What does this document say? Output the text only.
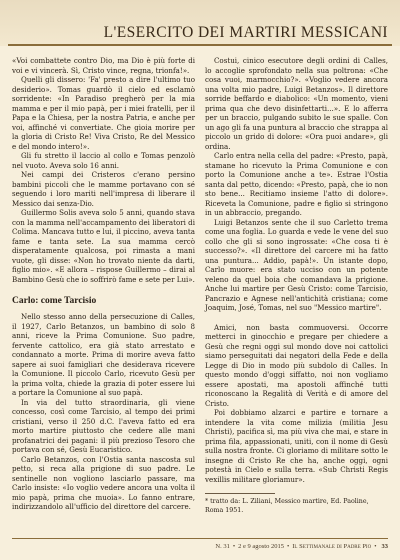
L'ESERCITO DEI MARTIRI MESSICANI

«Voi combattete contro Dio, ma Dio è più forte di voi e vi vincerà. Sì, Cristo vince, regna, trionfa!».

Quelli gli dissero: 'Fa' presto a dire l'ultimo tuo desiderio». Tomas guardò il cielo ed esclamò sorridente: «In Paradiso pregherò per la mia mamma e per il mio papà, per i miei fratelli, per il Papa e la Chiesa, per la nostra Patria, e anche per voi, affinché vi convertiate. Che gioia morire per la gloria di Cristo Re! Viva Cristo, Re del Messico e del mondo intero!».

Gli fu stretto il laccio al collo e Tomas penzolò nel vuoto. Aveva solo 16 anni.

Nei campi dei Cristeros c'erano persino bambini piccoli che le mamme portavano con sé seguendo i loro mariti nell'impresa di liberare il Messico dai senza-Dio.

Guillermo Solis aveva solo 5 anni, quando stava con la mamma nell'accampamento dei liberatori di Colima. Mancava tutto e lui, il piccino, aveva tanta fame e tanta sete. La sua mamma cercò disperatamente qualcosa, poi rimasta a mani vuote, gli disse: «Non ho trovato niente da darti, figlio mio». «E allora – rispose Guillermo – dirai al Bambino Gesù che io soffrirò fame e sete per Lui».

Carlo: come Tarcisio

Nello stesso anno della persecuzione di Calles, il 1927, Carlo Betanzos, un bambino di solo 8 anni, riceve la Prima Comunione. Suo padre, fervente cattolico, era già stato arrestato e condannato a morte. Prima di morire aveva fatto sapere ai suoi famigliari che desiderava ricevere la Comunione. Il piccolo Carlo, ricevuto Gesù per la prima volta, chiede la grazia di poter essere lui a portare la Comunione al suo papà.

In via del tutto straordinaria, gli viene concesso, così come Tarcisio, al tempo dei primi cristiani, verso il 250 d.C. l'aveva fatto ed era morto martire piuttosto che cedere alle mani profanatrici dei pagani: il più prezioso Tesoro che portava con sé, Gesù Eucaristico.

Carlo Betanzos, con l'Ostia santa nascosta sul petto, si reca alla prigione di suo padre. Le sentinelle non vogliono lasciarlo passare, ma Carlo insiste: «Io voglio vedere ancora una volta il mio papà, prima che muoia». Lo fanno entrare, indirizzandolo all'ufficio del direttore del carcere.

Costui, cinico esecutore degli ordini di Calles, lo accoglie sprofondato nella sua poltrona: «Che cosa vuoi, marmocchio?». «Voglio vedere ancora una volta mio padre, Luigi Betanzos». Il direttore sorride beffardo e diabolico: «Un momento, vieni prima qua che devo disinfettarti...». E lo afferra per un braccio, pulgando subito le sue spalle. Con un ago gli fa una puntura al braccio che strappa al piccolo un grido di dolore: «Ora puoi andare», gli ordina.

Carlo entra nella cella del padre: «Presto, papà, stamane ho ricevuto la Prima Comunione e con porto la Comunione anche a te». Estrae l'Ostia santa dal petto, dicendo: «Presto, papà, che io non sto bene... Recitiamo insieme l'atto di dolore». Riceveta la Comunione, padre e figlio si stringono in un abbraccio, pregando.

Luigi Betanzos sente che il suo Carletto trema come una foglia. Lo guarda e vede le vene del suo collo che gli si sono ingrossate: «Che cosa ti è successo?». «Il direttore del carcere mi ha fatto una puntura... Addio, papà!». Un istante dopo, Carlo muore: era stato ucciso con un potente veleno da quel boia che comandava la prigione. Anche lui martire per Gesù Cristo: come Tarcisio, Pancrazio e Agnese nell'antichità cristiana; come Joaquim, José, Tomas, nel suo "Messico martire".

Amici, non basta commuoversi. Occorre metterci in ginocchio e pregare per chiedere a Gesù che regni oggi sul mondo dove noi cattolici siamo perseguitati dai negatori della Fede e della Legge di Dio in modo più subdolo di Calles. In questo mondo d'oggi siffatto, noi non vogliamo essere apostati, ma apostoli affinché tutti riconoscano la Regalità di Verità e di amore del Cristo.

Poi dobbiamo alzarci e partire e tornare a intendere la vita come milizia (militia Jesu Christi), pacifica sì, ma più viva che mai, e stare in prima fila, appassionati, uniti, con il nome di Gesù sulla nostra fronte. Ci gloriamo di militare sotto le insegne di Cristo Re che ha, anche oggi, ogni potestà in Cielo e sulla terra. «Sub Christi Regis vexillis militare gloriamur».

* tratto da: L. Ziliani, Messico martire, Ed. Paoline, Roma 1951.

N. 31 • 2 e 9 agosto 2015 • Il Settimanale di Padre Pio • 33
